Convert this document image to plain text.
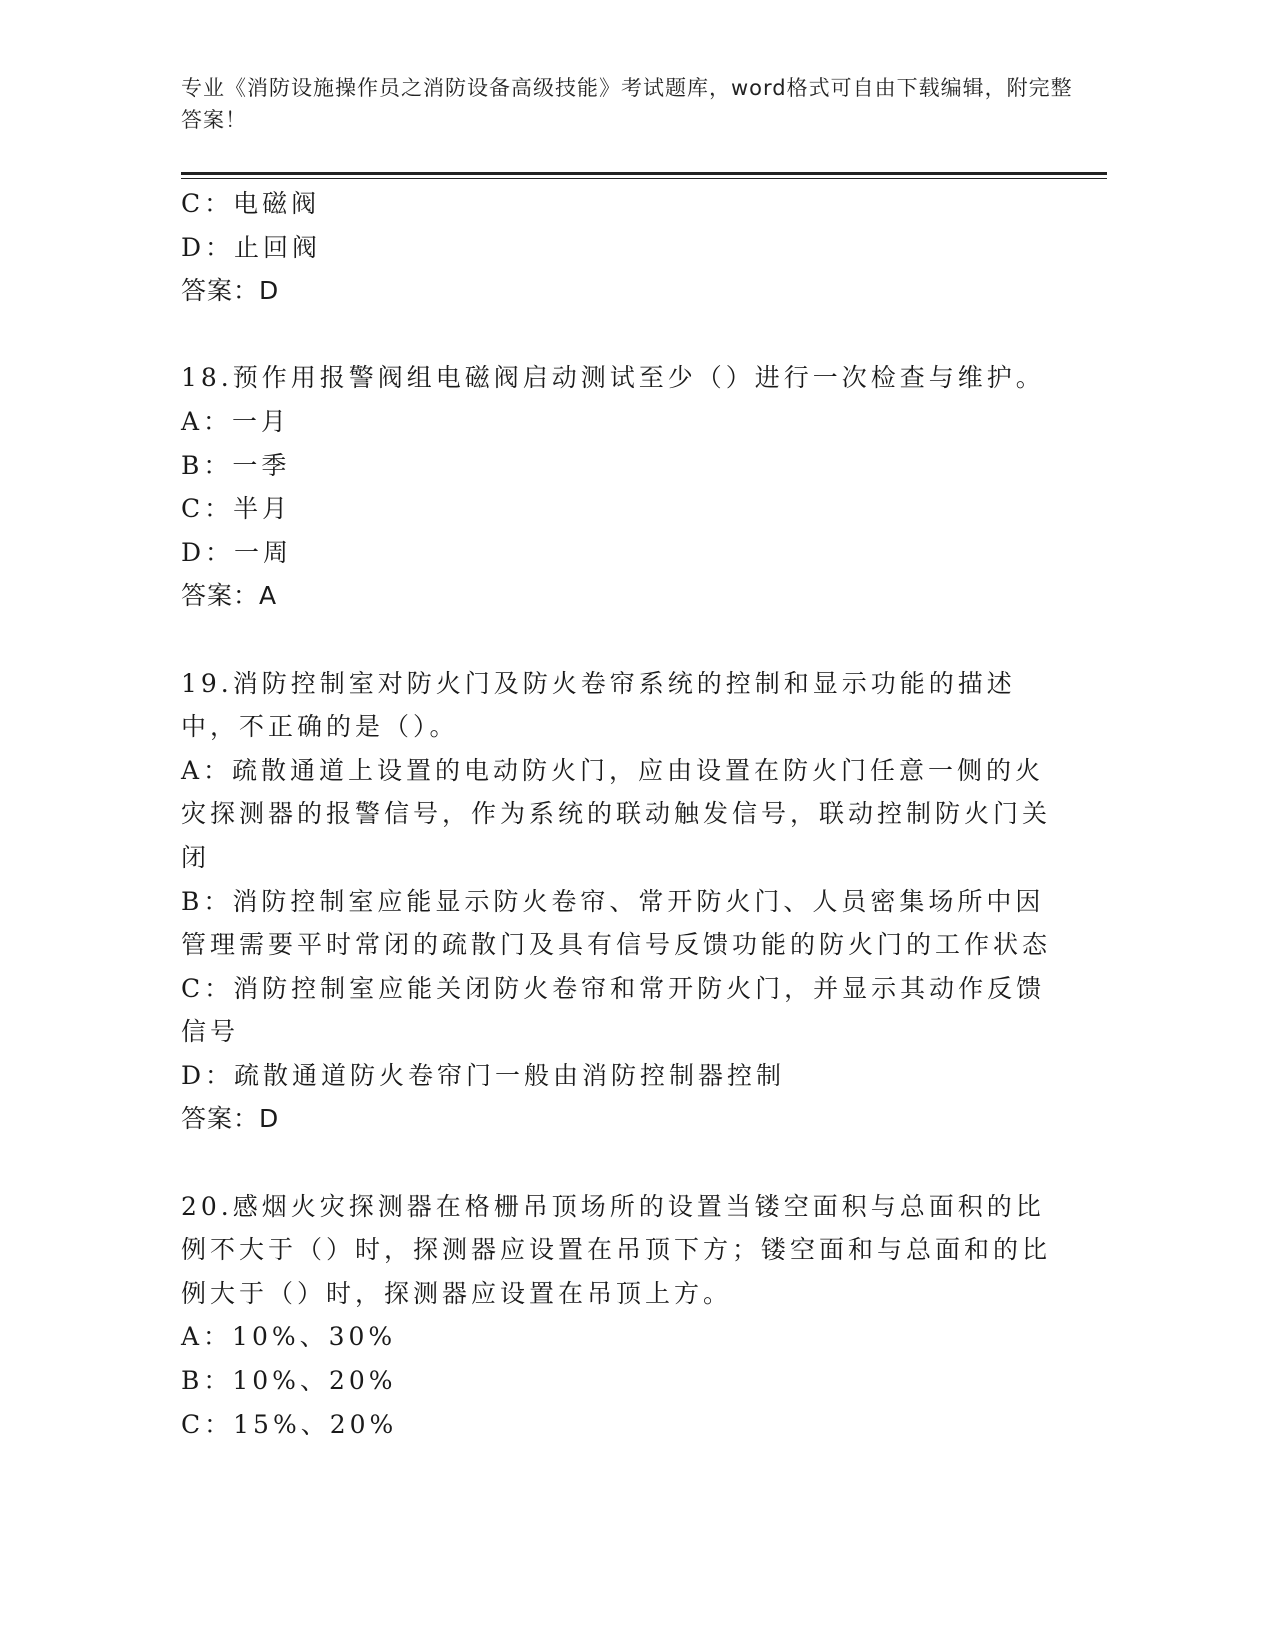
专业《消防设施操作员之消防设备高级技能》考试题库，word格式可自由下载编辑，附完整答案！
C：电磁阀
D：止回阀
答案：D
18.预作用报警阀组电磁阀启动测试至少（）进行一次检查与维护。
A：一月
B：一季
C：半月
D：一周
答案：A
19.消防控制室对防火门及防火卷帘系统的控制和显示功能的描述中，不正确的是（）。
A：疏散通道上设置的电动防火门，应由设置在防火门任意一侧的火灾探测器的报警信号，作为系统的联动触发信号，联动控制防火门关闭
B：消防控制室应能显示防火卷帘、常开防火门、人员密集场所中因管理需要平时常闭的疏散门及具有信号反馈功能的防火门的工作状态
C：消防控制室应能关闭防火卷帘和常开防火门，并显示其动作反馈信号
D：疏散通道防火卷帘门一般由消防控制器控制
答案：D
20.感烟火灾探测器在格栅吊顶场所的设置当镂空面积与总面积的比例不大于（）时，探测器应设置在吊顶下方；镂空面和与总面和的比例大于（）时，探测器应设置在吊顶上方。
A：10%、30%
B：10%、20%
C：15%、20%
